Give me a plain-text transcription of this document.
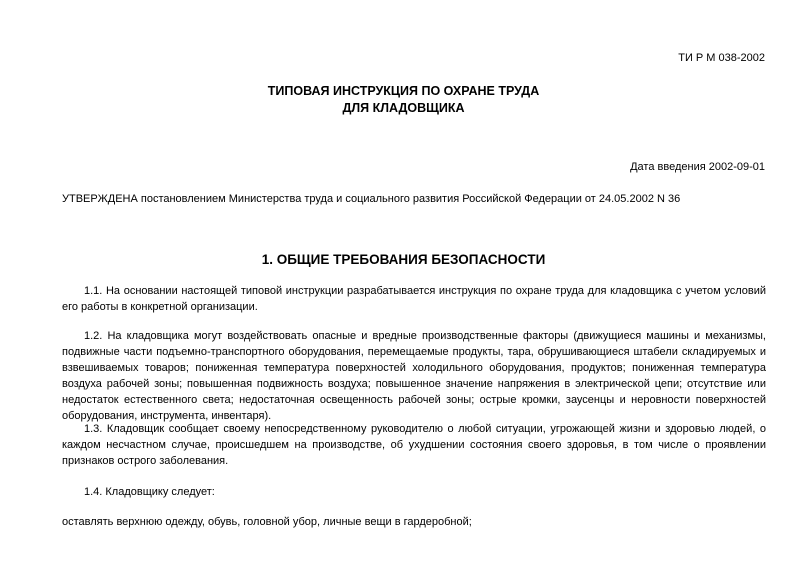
ТИ Р М 038-2002
ТИПОВАЯ ИНСТРУКЦИЯ ПО ОХРАНЕ ТРУДА
ДЛЯ КЛАДОВЩИКА
Дата введения 2002-09-01
УТВЕРЖДЕНА постановлением Министерства труда и социального развития Российской Федерации от 24.05.2002 N 36
1. ОБЩИЕ ТРЕБОВАНИЯ БЕЗОПАСНОСТИ
1.1. На основании настоящей типовой инструкции разрабатывается инструкция по охране труда для кладовщика с учетом условий его работы в конкретной организации.
1.2. На кладовщика могут воздействовать опасные и вредные производственные факторы (движущиеся машины и механизмы, подвижные части подъемно-транспортного оборудования, перемещаемые продукты, тара, обрушивающиеся штабели складируемых и взвешиваемых товаров; пониженная температура поверхностей холодильного оборудования, продуктов; пониженная температура воздуха рабочей зоны; повышенная подвижность воздуха; повышенное значение напряжения в электрической цепи; отсутствие или недостаток естественного света; недостаточная освещенность рабочей зоны; острые кромки, заусенцы и неровности поверхностей оборудования, инструмента, инвентаря).
1.3. Кладовщик сообщает своему непосредственному руководителю о любой ситуации, угрожающей жизни и здоровью людей, о каждом несчастном случае, происшедшем на производстве, об ухудшении состояния своего здоровья, в том числе о проявлении признаков острого заболевания.
1.4. Кладовщику следует:
оставлять верхнюю одежду, обувь, головной убор, личные вещи в гардеробной;
